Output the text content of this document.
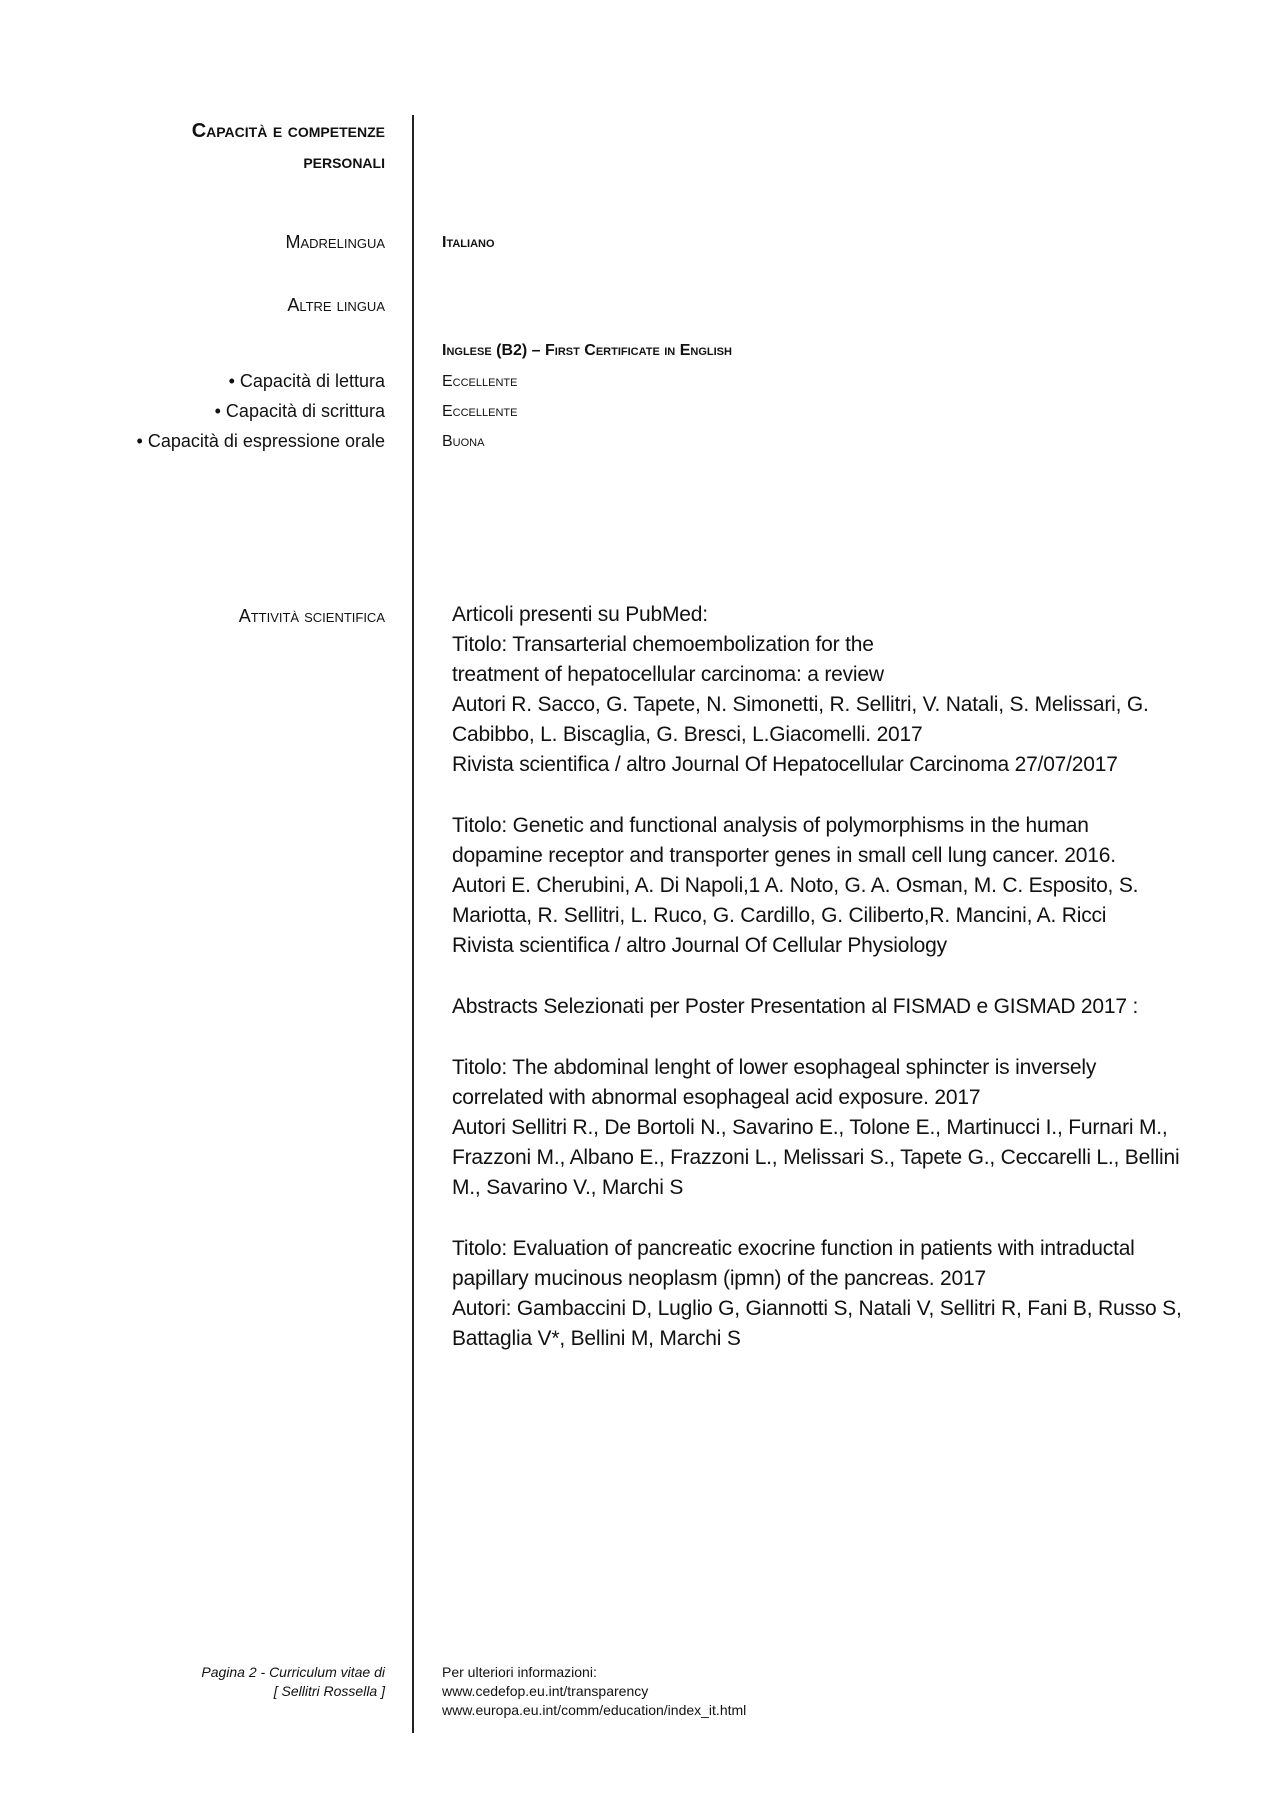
Capacità e competenze
personali
Madrelingua	Italiano
Altre lingua
Inglese (B2) – First Certificate in English
• Capacità di lettura	Eccellente
• Capacità di scrittura	Eccellente
• Capacità di espressione orale	Buona
Attività scientifica	Articoli presenti su PubMed:

Titolo: Transarterial chemoembolization for the

treatment of hepatocellular carcinoma: a review

Autori R. Sacco, G. Tapete, N. Simonetti, R. Sellitri, V. Natali, S. Melissari, G.

Cabibbo, L. Biscaglia, G. Bresci, L.Giacomelli. 2017

Rivista scientifica / altro Journal Of Hepatocellular Carcinoma 27/07/2017

Titolo: Genetic and functional analysis of polymorphisms in the human

dopamine receptor and transporter genes in small cell lung cancer. 2016.

Autori E. Cherubini, A. Di Napoli,1 A. Noto, G. A. Osman, M. C. Esposito, S.

Mariotta, R. Sellitri, L. Ruco, G. Cardillo, G. Ciliberto,R. Mancini, A. Ricci

Rivista scientifica / altro Journal Of Cellular Physiology

Abstracts Selezionati per Poster Presentation al FISMAD e GISMAD 2017 :

Titolo: The abdominal lenght of lower esophageal sphincter is inversely

correlated with abnormal esophageal acid exposure. 2017

Autori Sellitri R., De Bortoli N., Savarino E., Tolone E., Martinucci I., Furnari M.,

Frazzoni M., Albano E., Frazzoni L., Melissari S., Tapete G., Ceccarelli L., Bellini

M., Savarino V., Marchi S

Titolo: Evaluation of pancreatic exocrine function in patients with intraductal

papillary mucinous neoplasm (ipmn) of the pancreas. 2017

Autori: Gambaccini D, Luglio G, Giannotti S, Natali V, Sellitri R, Fani B, Russo S,

Battaglia V*, Bellini M, Marchi S

Pagina 2 - Curriculum vitae di
[ Sellitri Rossella ]
Per ulteriori informazioni:
www.cedefop.eu.int/transparency
www.europa.eu.int/comm/education/index_it.html
